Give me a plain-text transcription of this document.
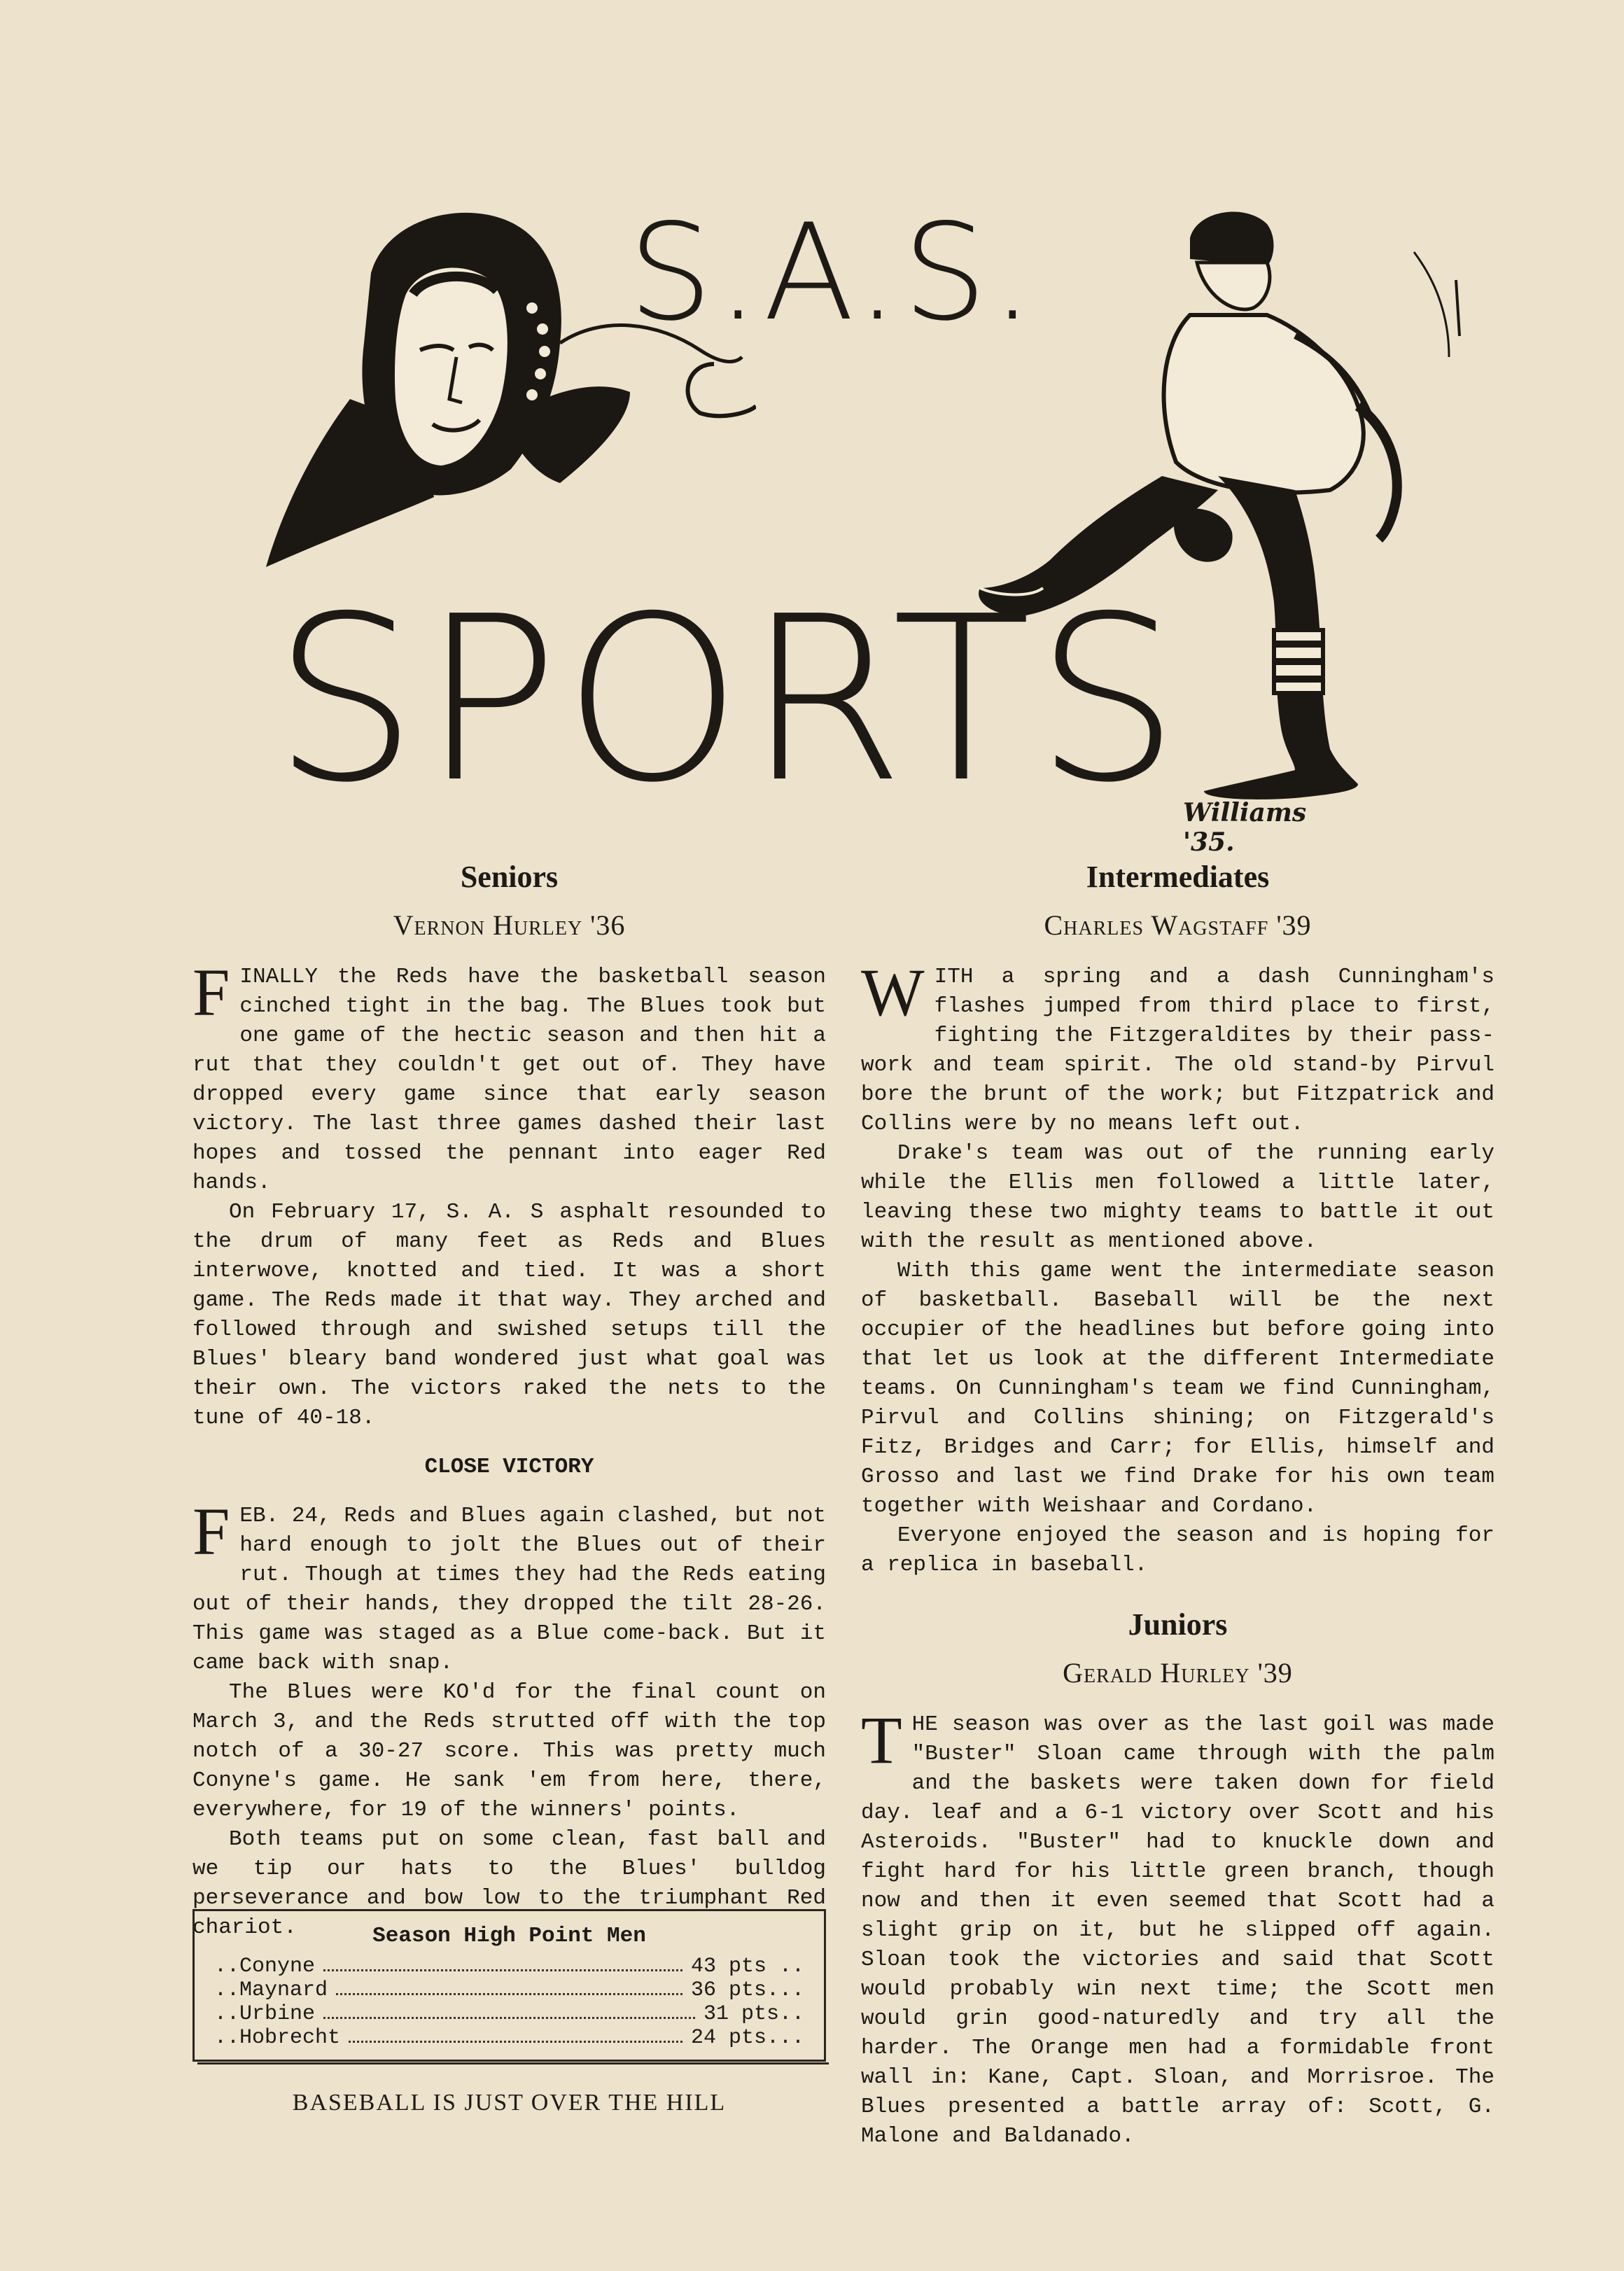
S.A.S.
SPORTS
Williams '35.
Seniors
Vernon Hurley '36

FINALLY the Reds have the basketball season cinched tight in the bag. The Blues took but one game of the hectic season and then hit a rut that they couldn't get out of. They have dropped every game since that early season victory. The last three games dashed their last hopes and tossed the pennant into eager Red hands.

On February 17, S. A. S asphalt resounded to the drum of many feet as Reds and Blues interwove, knotted and tied. It was a short game. The Reds made it that way. They arched and followed through and swished setups till the Blues' bleary band wondered just what goal was their own. The victors raked the nets to the tune of 40-18.

CLOSE VICTORY

FEB. 24, Reds and Blues again clashed, but not hard enough to jolt the Blues out of their rut. Though at times they had the Reds eating out of their hands, they dropped the tilt 28-26. This game was staged as a Blue come-back. But it came back with snap.

The Blues were KO'd for the final count on March 3, and the Reds strutted off with the top notch of a 30-27 score. This was pretty much Conyne's game. He sank 'em from here, there, everywhere, for 19 of the winners' points.

Both teams put on some clean, fast ball and we tip our hats to the Blues' bulldog perseverance and bow low to the triumphant Red chariot.	Season High Point Men
..Conyne	43 pts ..
..Maynard	36 pts...
..Urbine	31 pts..
..Hobrecht	24 pts...
BASEBALL IS JUST OVER THE HILL
Intermediates
Charles Wagstaff '39

WITH a spring and a dash Cunningham's flashes jumped from third place to first, fighting the Fitzgeraldites by their pass-work and team spirit. The old stand-by Pirvul bore the brunt of the work; but Fitzpatrick and Collins were by no means left out.

Drake's team was out of the running early while the Ellis men followed a little later, leaving these two mighty teams to battle it out with the result as mentioned above.

With this game went the intermediate season of basketball. Baseball will be the next occupier of the headlines but before going into that let us look at the different Intermediate teams. On Cunningham's team we find Cunningham, Pirvul and Collins shining; on Fitzgerald's Fitz, Bridges and Carr; for Ellis, himself and Grosso and last we find Drake for his own team together with Weishaar and Cordano.

Everyone enjoyed the season and is hoping for a replica in baseball.

Juniors
Gerald Hurley '39

THE season was over as the last goil was made "Buster" Sloan came through with the palm and the baskets were taken down for field day. leaf and a 6-1 victory over Scott and his Asteroids. "Buster" had to knuckle down and fight hard for his little green branch, though now and then it even seemed that Scott had a slight grip on it, but he slipped off again. Sloan took the victories and said that Scott would probably win next time; the Scott men would grin good-naturedly and try all the harder. The Orange men had a formidable front wall in: Kane, Capt. Sloan, and Morrisroe. The Blues presented a battle array of: Scott, G. Malone and Baldanado.
